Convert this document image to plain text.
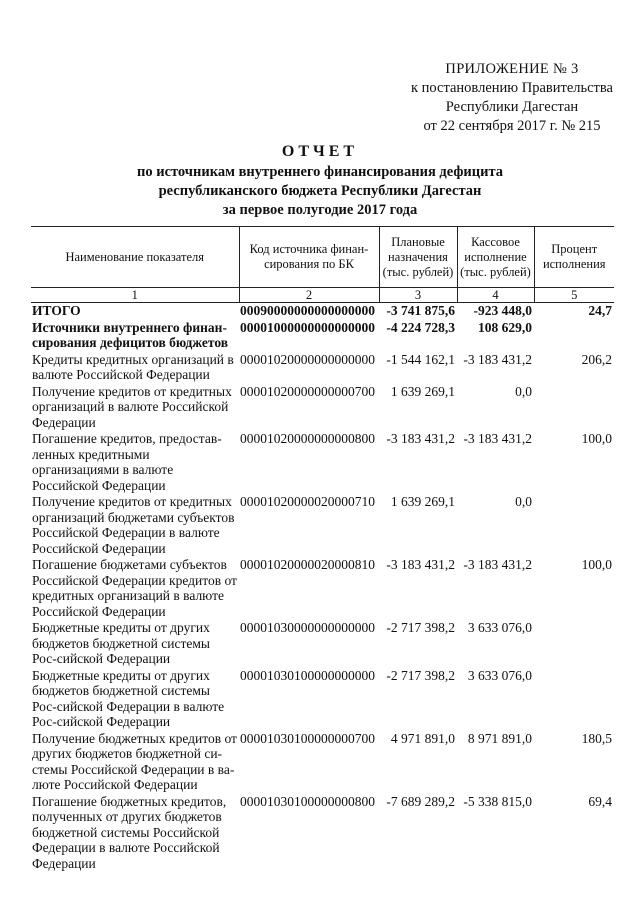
ПРИЛОЖЕНИЕ № 3
к постановлению Правительства
Республики Дагестан
от 22 сентября 2017 г. № 215
ОТЧЕТ
по источникам внутреннего финансирования дефицита
республиканского бюджета Республики Дагестан
за первое полугодие 2017 года
Наименование показателя	Код источника финан-сирования по БК	Плановые назначения (тыс. рублей)	Кассовое исполнение (тыс. рублей)	Процент исполнения
1	2	3	4	5
ИТОГО	00090000000000000000	-3 741 875,6	-923 448,0	24,7
Источники внутреннего финан-сирования дефицитов бюджетов	00001000000000000000	-4 224 728,3	108 629,0	
Кредиты кредитных организаций в валюте Российской Федерации	00001020000000000000	-1 544 162,1	-3 183 431,2	206,2
Получение кредитов от кредитных организаций в валюте Российской Федерации	00001020000000000700	1 639 269,1	0,0	
Погашение кредитов, предостав-ленных кредитными организациями в валюте Российской Федерации	00001020000000000800	-3 183 431,2	-3 183 431,2	100,0
Получение кредитов от кредитных организаций бюджетами субъектов Российской Федерации в валюте Российской Федерации	00001020000020000710	1 639 269,1	0,0	
Погашение бюджетами субъектов Российской Федерации кредитов от кредитных организаций в валюте Российской Федерации	00001020000020000810	-3 183 431,2	-3 183 431,2	100,0
Бюджетные кредиты от других бюджетов бюджетной системы Рос-сийской Федерации	00001030000000000000	-2 717 398,2	3 633 076,0	
Бюджетные кредиты от других бюджетов бюджетной системы Рос-сийской Федерации в валюте Рос-сийской Федерации	00001030100000000000	-2 717 398,2	3 633 076,0	
Получение бюджетных кредитов от других бюджетов бюджетной си-стемы Российской Федерации в ва-люте Российской Федерации	00001030100000000700	4 971 891,0	8 971 891,0	180,5
Погашение бюджетных кредитов, полученных от других бюджетов бюджетной системы Российской Федерации в валюте Российской Федерации	00001030100000000800	-7 689 289,2	-5 338 815,0	69,4
